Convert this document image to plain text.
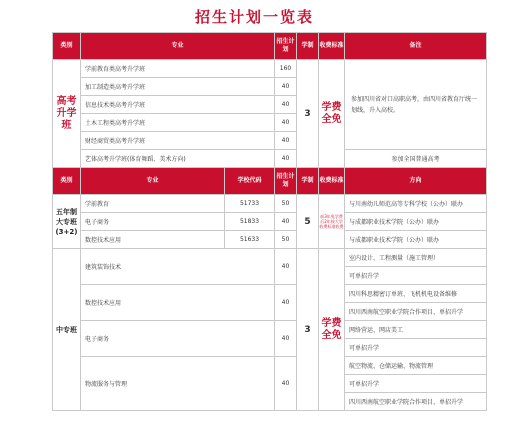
招生计划一览表
类别	专业		招生计划	学制	收费标准	备注
高考升学班	学前教育类高考升学班		160	3	学费全免	参加四川省对口高职高考，由四川省教育厅统一划线，升入高校。
	加工制造类高考升学班		40			
	信息技术类高考升学班		40			
	土木工程类高考升学班		40			
	财经商贸类高考升学班		40			
	艺体高考升学班(体育舞蹈、美术方向)		40			参加全国普通高考
类别	专业	学校代码	招生计划	学制	收费标准	方向
五年制大专班(3+2)	学前教育	51733	50	5	前3年免学费后2年按大学收费标准收费	与川南幼儿师范高等专科学校（公办）联办
	电子商务	51833	40			与成都职业技术学院（公办）联办
	数控技术应用	51633	50			与成都职业技术学院（公办）联办
中专班	建筑装饰技术		40	3	学费全免	室内设计、工程测量（施工管理）
						可单招升学
	数控技术应用		40			四川科思精密订单班、飞机机电设备维修
						四川西南航空职业学院合作项目、单招升学
	电子商务		40			网络营运、网店美工
						可单招升学
	物流服务与管理		40			航空物流、仓储运输、物流管理
						可单招升学
						四川西南航空职业学院合作项目、单招升学
